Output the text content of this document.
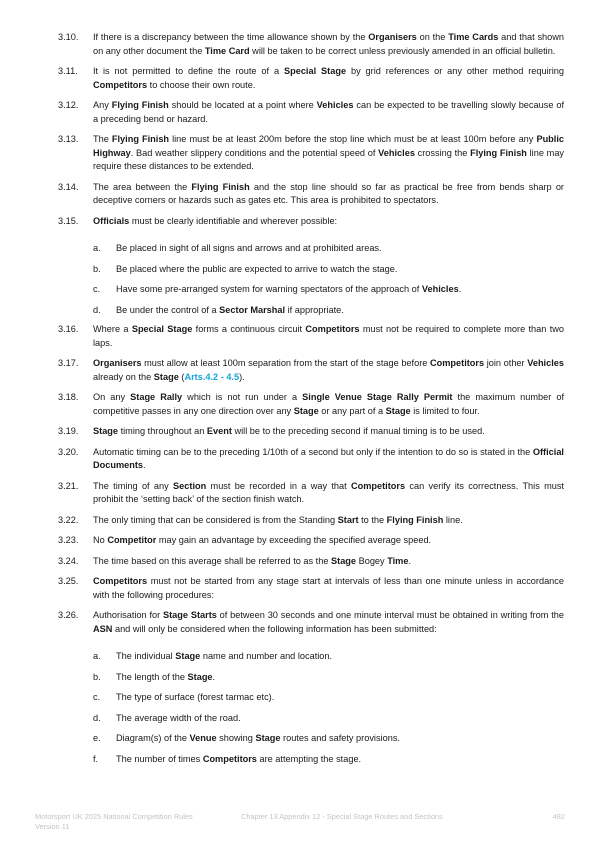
3.10. If there is a discrepancy between the time allowance shown by the Organisers on the Time Cards and that shown on any other document the Time Card will be taken to be correct unless previously amended in an official bulletin.
3.11. It is not permitted to define the route of a Special Stage by grid references or any other method requiring Competitors to choose their own route.
3.12. Any Flying Finish should be located at a point where Vehicles can be expected to be travelling slowly because of a preceding bend or hazard.
3.13. The Flying Finish line must be at least 200m before the stop line which must be at least 100m before any Public Highway. Bad weather slippery conditions and the potential speed of Vehicles crossing the Flying Finish line may require these distances to be extended.
3.14. The area between the Flying Finish and the stop line should so far as practical be free from bends sharp or deceptive corners or hazards such as gates etc. This area is prohibited to spectators.
3.15. Officials must be clearly identifiable and wherever possible:
a. Be placed in sight of all signs and arrows and at prohibited areas.
b. Be placed where the public are expected to arrive to watch the stage.
c. Have some pre-arranged system for warning spectators of the approach of Vehicles.
d. Be under the control of a Sector Marshal if appropriate.
3.16. Where a Special Stage forms a continuous circuit Competitors must not be required to complete more than two laps.
3.17. Organisers must allow at least 100m separation from the start of the stage before Competitors join other Vehicles already on the Stage (Arts.4.2 - 4.5).
3.18. On any Stage Rally which is not run under a Single Venue Stage Rally Permit the maximum number of competitive passes in any one direction over any Stage or any part of a Stage is limited to four.
3.19. Stage timing throughout an Event will be to the preceding second if manual timing is to be used.
3.20. Automatic timing can be to the preceding 1/10th of a second but only if the intention to do so is stated in the Official Documents.
3.21. The timing of any Section must be recorded in a way that Competitors can verify its correctness. This must prohibit the ‘setting back’ of the section finish watch.
3.22. The only timing that can be considered is from the Standing Start to the Flying Finish line.
3.23. No Competitor may gain an advantage by exceeding the specified average speed.
3.24. The time based on this average shall be referred to as the Stage Bogey Time.
3.25. Competitors must not be started from any stage start at intervals of less than one minute unless in accordance with the following procedures:
3.26. Authorisation for Stage Starts of between 30 seconds and one minute interval must be obtained in writing from the ASN and will only be considered when the following information has been submitted:
a. The individual Stage name and number and location.
b. The length of the Stage.
c. The type of surface (forest tarmac etc).
d. The average width of the road.
e. Diagram(s) of the Venue showing Stage routes and safety provisions.
f. The number of times Competitors are attempting the stage.
Motorsport UK 2025 National Competition Rules	Chapter 13 Appendix 12 - Special Stage Routes and Sections	482
Version 11
